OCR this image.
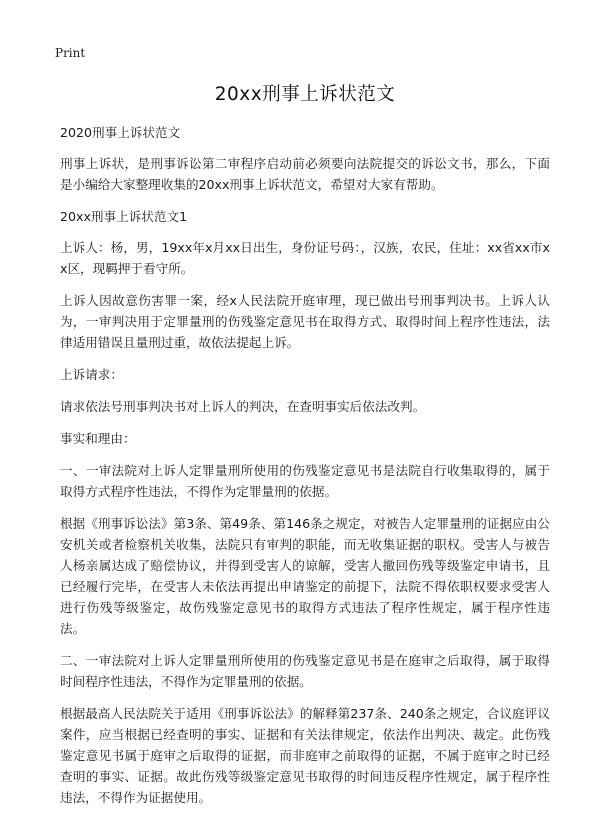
Print
20xx刑事上诉状范文

2020刑事上诉状范文

刑事上诉状，是刑事诉讼第二审程序启动前必须要向法院提交的诉讼文书，那么，下面是小编给大家整理收集的20xx刑事上诉状范文，希望对大家有帮助。

20xx刑事上诉状范文1

上诉人：杨，男，19xx年x月xx日出生，身份证号码：，汉族，农民，住址：xx省xx市xx区，现羁押于看守所。

上诉人因故意伤害罪一案，经x人民法院开庭审理，现已做出号刑事判决书。上诉人认为，一审判决用于定罪量刑的伤残鉴定意见书在取得方式、取得时间上程序性违法，法律适用错误且量刑过重，故依法提起上诉。

上诉请求：

请求依法号刑事判决书对上诉人的判决，在查明事实后依法改判。

事实和理由：

一、一审法院对上诉人定罪量刑所使用的伤残鉴定意见书是法院自行收集取得的，属于取得方式程序性违法，不得作为定罪量刑的依据。

根据《刑事诉讼法》第3条、第49条、第146条之规定，对被告人定罪量刑的证据应由公安机关或者检察机关收集，法院只有审判的职能，而无收集证据的职权。受害人与被告人杨亲属达成了赔偿协议，并得到受害人的谅解，受害人撤回伤残等级鉴定申请书，且已经履行完毕，在受害人未依法再提出申请鉴定的前提下，法院不得依职权要求受害人进行伤残等级鉴定，故伤残鉴定意见书的取得方式违法了程序性规定，属于程序性违法。

二、一审法院对上诉人定罪量刑所使用的伤残鉴定意见书是在庭审之后取得，属于取得时间程序性违法，不得作为定罪量刑的依据。

根据最高人民法院关于适用《刑事诉讼法》的解释第237条、240条之规定，合议庭评议案件，应当根据已经查明的事实、证据和有关法律规定，依法作出判决、裁定。此伤残鉴定意见书属于庭审之后取得的证据，而非庭审之前取得的证据，不属于庭审之时已经查明的事实、证据。故此伤残等级鉴定意见书取得的时间违反程序性规定，属于程序性违法，不得作为证据使用。
